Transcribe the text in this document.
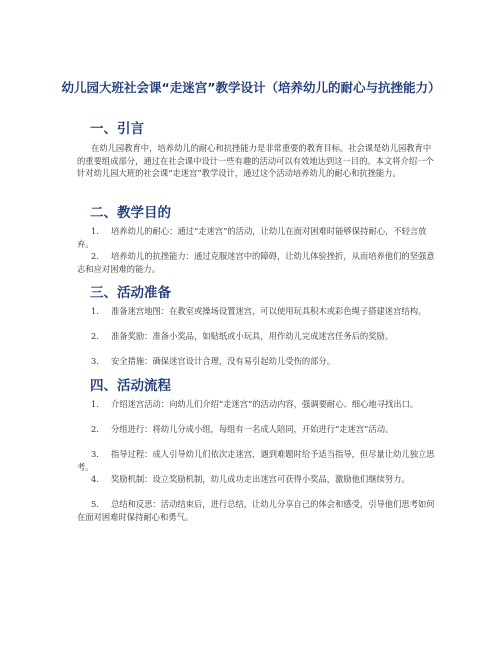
幼儿园大班社会课“走迷宫”教学设计（培养幼儿的耐心与抗挫能力）
一、引言
在幼儿园教育中，培养幼儿的耐心和抗挫能力是非常重要的教育目标。社会课是幼儿园教育中的重要组成部分，通过在社会课中设计一些有趣的活动可以有效地达到这一目的。本文将介绍一个针对幼儿园大班的社会课“走迷宫”教学设计，通过这个活动培养幼儿的耐心和抗挫能力。
二、教学目的
1. 培养幼儿的耐心：通过“走迷宫”的活动，让幼儿在面对困难时能够保持耐心，不轻言放弃。
2. 培养幼儿的抗挫能力：通过克服迷宫中的障碍，让幼儿体验挫折，从而培养他们的坚强意志和应对困难的能力。
三、活动准备
1. 准备迷宫地图：在教室或操场设置迷宫，可以使用玩具积木或彩色绳子搭建迷宫结构。
2. 准备奖励：准备小奖品，如贴纸或小玩具，用作幼儿完成迷宫任务后的奖励。
3. 安全措施：确保迷宫设计合理，没有易引起幼儿受伤的部分。
四、活动流程
1. 介绍迷宫活动：向幼儿们介绍“走迷宫”的活动内容，强调要耐心、细心地寻找出口。
2. 分组进行：将幼儿分成小组，每组有一名成人陪同，开始进行“走迷宫”活动。
3. 指导过程：成人引导幼儿们依次走迷宫，遇到难题时给予适当指导，但尽量让幼儿独立思考。
4. 奖励机制：设立奖励机制，幼儿成功走出迷宫可获得小奖品，激励他们继续努力。
5. 总结和反思：活动结束后，进行总结，让幼儿分享自己的体会和感受，引导他们思考如何在面对困难时保持耐心和勇气。
